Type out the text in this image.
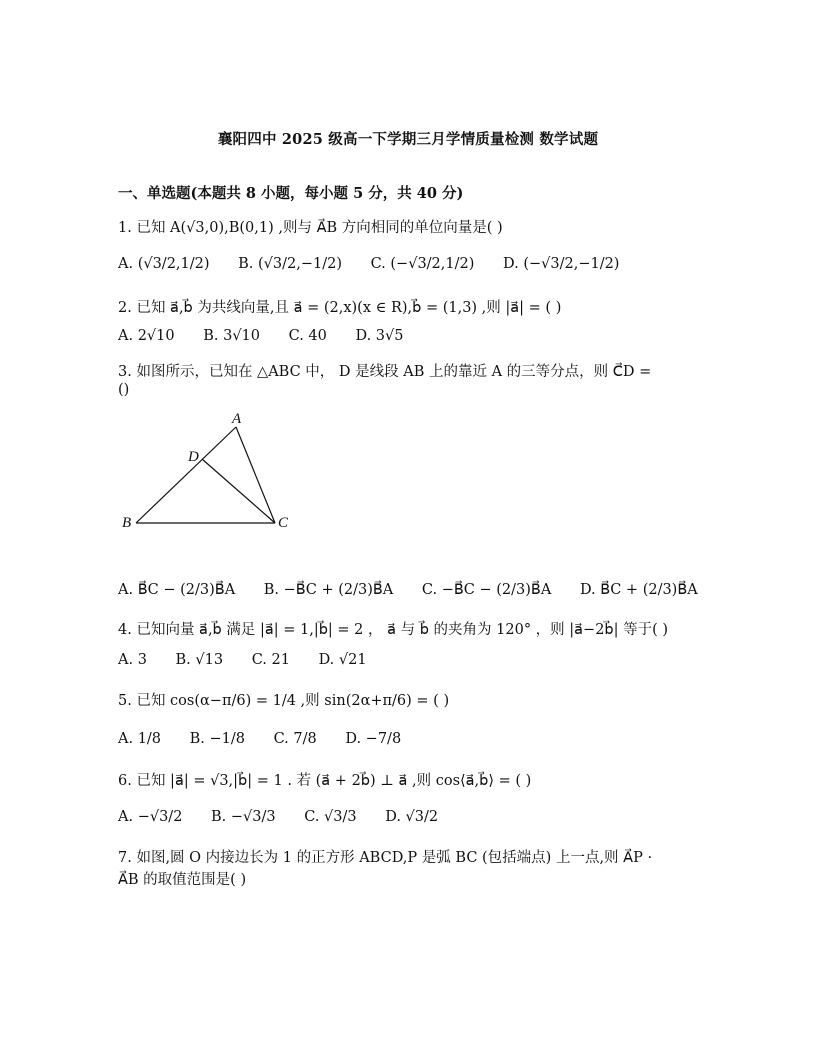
襄阳四中 2025 级高一下学期三月学情质量检测 数学试题
一、单选题(本题共 8 小题，每小题 5 分，共 40 分)
1. 已知 A(√3,0),B(0,1) ,则与 A⃗B 方向相同的单位向量是( )
A. (√3/2,1/2) B. (√3/2,−1/2) C. (−√3/2,1/2) D. (−√3/2,−1/2)
2. 已知 a⃗,b⃗ 为共线向量,且 a⃗ = (2,x)(x ∈ R),b⃗ = (1,3) ,则 |a⃗| = ( )
A. 2√10 B. 3√10 C. 40 D. 3√5
3. 如图所示，已知在 △ABC 中， D 是线段 AB 上的靠近 A 的三等分点，则 C⃗D =
()
A
D
B	C
A. B⃗C − (2/3)B⃗A B. −B⃗C + (2/3)B⃗A C. −B⃗C − (2/3)B⃗A D. B⃗C + (2/3)B⃗A
4. 已知向量 a⃗,b⃗ 满足 |a⃗| = 1,|b⃗| = 2 ， a⃗ 与 b⃗ 的夹角为 120° ，则 |a⃗−2b⃗| 等于( )
A. 3 B. √13 C. 21 D. √21
5. 已知 cos(α−π/6) = 1/4 ,则 sin(2α+π/6) = ( )
A. 1/8 B. −1/8 C. 7/8 D. −7/8
6. 已知 |a⃗| = √3,|b⃗| = 1 . 若 (a⃗ + 2b⃗) ⊥ a⃗ ,则 cos⟨a⃗,b⃗⟩ = ( )
A. −√3/2 B. −√3/3 C. √3/3 D. √3/2
7. 如图,圆 O 内接边长为 1 的正方形 ABCD,P 是弧 BC (包括端点) 上一点,则 A⃗P ·
A⃗B 的取值范围是( )
